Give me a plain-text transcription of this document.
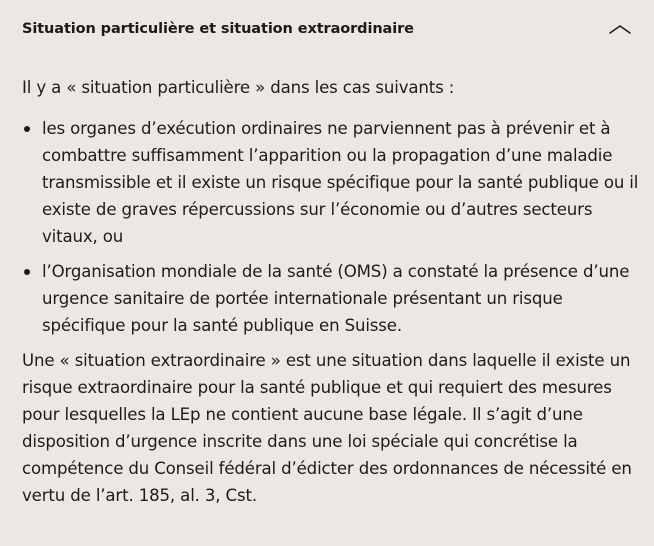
Situation particulière et situation extraordinaire

Il y a « situation particulière » dans les cas suivants :

les organes d’exécution ordinaires ne parviennent pas à prévenir et à combattre suffisamment l’apparition ou la propagation d’une maladie transmissible et il existe un risque spécifique pour la santé publique ou il existe de graves répercussions sur l’économie ou d’autres secteurs vitaux, ou
l’Organisation mondiale de la santé (OMS) a constaté la présence d’une urgence sanitaire de portée internationale présentant un risque spécifique pour la santé publique en Suisse.

Une « situation extraordinaire » est une situation dans laquelle il existe un risque extraordinaire pour la santé publique et qui requiert des mesures pour lesquelles la LEp ne contient aucune base légale. Il s’agit d’une disposition d’urgence inscrite dans une loi spéciale qui concrétise la compétence du Conseil fédéral d’édicter des ordonnances de nécessité en vertu de l’art. 185, al. 3, Cst.
